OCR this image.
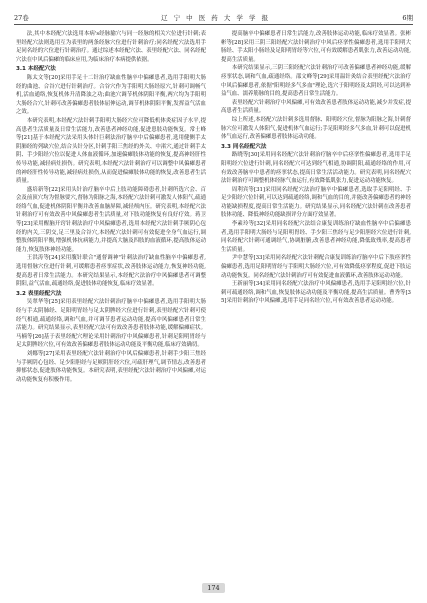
27卷	辽 宁 中 医 药 大 学 学 报	6期

法,其中本经配穴法选用本病's经脉腧穴与同一经脉的相关穴位进行针刺;表里经配穴法则选用互为表里的两条经脉穴位进行针刺治疗;同名经配穴法选用手足同名经的穴位进行针刺治疗。通过综述本经配穴法、表里经配穴法、同名经配穴法在中风后偏瘫的临床应用,为临床治疗本病提供依据。

3.1 本经配穴法

陈太文等[20]采用手足十二针治疗缺血性脑卒中偏瘫患者,选用手阳明大肠经的曲池、合谷穴进行针刺治疗。合谷穴作为手阳明大肠经原穴,针刺可调畅气机,活血通络,恢复机体升清降浊之功;曲池穴调节机体阴阳平衡,两穴均为手阳明大肠经合穴,针刺可改善偏瘫患者肢体屈伸运动,调节机体阴阳平衡,发挥益气活血之效。

本研究表明,本经配穴法针刺手阳明大肠经穴位可降低机体炎症因子水平,提高患者生活质量及日常生活能力,改善患者神经功能,促进患肢功能恢复。常士峰等[21]基于本经配穴法采用头体针巨刺法治疗脑卒中后偏瘫患者,选用健侧手太阴肺经的列缺穴位,结合头针分区,针刺手阳三焦经的外关、中渚穴,通过针刺手太阴、手少阳经穴位以促进人体血液循环,加速偏瘫肢体功能的恢复,提高神经肝性传导功能,减轻病灶损伤。研究表明,本经配穴法针刺治疗可以调整中风偏瘫患者的神经肝性传导功能,减轻病灶损伤,从而促进偏瘫肢体功能的恢复,改善患者生活质量。

盛培新等[22]采用头针治疗脑卒中后上肢功能障碍患者,针刺所选穴会、百会及前顶穴均为督脉要穴,督脉为阳脉之海,本经配穴法针刺可激发人体阳气,疏通经络气血,促进机体阴阳平衡并改善血脑屏障,减轻颅内压。研究表明,本经配穴法针刺治疗可有效改善中风偏瘫患者生活质量,对下肢功能恢复有良好疗效。蒋卫等[23]采用醒脑开窍针刺法治疗中风偏瘫患者,选用本经配穴法针刺手厥阴心包经的内关,三阴交,足三里及合谷穴,本经配穴法针刺可有效促进全身气血运行,调整肢体阴阳平衡,增强机体抗病能力,并提高大脑及四肢的血液循环,提高肢体运动能力,恢复肢体神经功能。

王洪涛等[24]采用腹针联合"通督调神"针刺法治疗缺血性脑卒中偏瘫患者,选用督脉穴位进行针刺,可缓解患者痉挛症状,改善肢体运动能力,恢复神经功能,提高患者日常生活能力。本研究结果显示,本经配穴法治疗中风偏瘫患者可调整阴阳,益气活血,疏通经络,促进肢体功能恢复,临床疗效显著。

3.2 表里经配穴法

吴翠华等[25]采用表里经配穴法针刺治疗脑卒中偏瘫患者,选用手阳明大肠经与手太阴肺经、足阳明胃经与足太阴脾经穴位进行针刺,表里经配穴针刺可使经气相通,疏通经络,调和气血,并可调节患者运动功能,提高中风偏瘫患者日常生活能力。研究结果显示,表里经配穴法可有效改善患者肢体功能,缓解偏瘫症状。马楠等[26]基于表里经配穴理论采用针刺治疗中风偏瘫患者,针刺足阳明胃经与足太阴脾经穴位,可有效改善偏瘫患者肢体运动功能及平衡功能,临床疗效确切。

刘娜等[27]采用表里经配穴法针刺治疗中风后偏瘫患者,针刺手少阳三焦经与手厥阴心包经、足少阳胆经与足厥阴肝经穴位,可疏肝理气,调节情志,改善患者抑郁状态,促进肢体功能恢复。本研究表明,表里经配穴法针刺治疗中风偏瘫,对运动功能恢复有积极作用。

提高脑卒中偏瘫患者日常生活能力,改善肢体运动功能,临床疗效显著。张彬彬等[28]采用三阴三阳经配穴法针刺治疗中风后痉挛性偏瘫患者,选用手阳明大肠经、手太阳小肠经及足阳明胃经等穴位,可有效缓解患者肌张力,改善运动功能,提高生活质量。

本研究结果显示,三阴三阳经配穴法针刺治疗可改善偏瘫患者神经功能,缓解痉挛状态,调和气血,疏通经络。邵文峰等[29]采用温针灸结合表里经配穴法治疗中风后偏瘫患者,依据"阳明经多气多血"理论,选穴于阳明经及太阴经,可以达到补益气血、濡养筋脉的目的,提高患者日常生活能力。

表里经配穴针刺治疗中风偏瘫,可有效改善患者肢体运动功能,减少并发症,提高患者生活质量。

综上所述,本经配穴法针刺多选用督脉、阳明经穴位,督脉为阳脉之海,针刺督脉穴位可激发人体阳气,促进机体气血运行;手足阳明经多气多血,针刺可以促进机体气血运行,改善偏瘫患者肢体运动功能。

3.3 同名经配穴法

路晓等[30]采用同名经配穴法针刺治疗脑卒中后痉挛性偏瘫患者,选用手足阳明经穴位进行针刺,同名经配穴可达到经气相通,协调阴阳,疏通经络的作用,可有效改善脑卒中患者的痉挛状态,提高日常生活活动能力。研究表明,同名经配穴法针刺治疗可调整机体经脉气血运行,有效降低肌张力,促进运动功能恢复。

周利宾等[31]采用同名经配穴法治疗脑卒中偏瘫患者,选取手足阳明经、手足少阳经穴位针刺,可以达到疏通经络,调和气血的目的,并能改善偏瘫患者的神经功能缺损程度,提高日常生活能力。研究结果显示,同名经配穴法针刺在改善患者肢体功能、降低神经功能缺损评分方面疗效显著。

李素玲等[32]采用同名经配穴法结合康复训练治疗缺血性脑卒中后偏瘫患者,选用手阳明大肠经与足阳明胃经、手少阳三焦经与足少阳胆经穴位进行针刺,同名经配穴针刺可通调经气,协调脏腑,改善患者神经功能,降低致残率,提高患者生活质量。

尹中慧等[33]采用同名经配穴法针刺配合康复训练治疗脑卒中后下肢痉挛性偏瘫患者,选用足阳明胃经与手阳明大肠经穴位,可有效降低痉挛程度,促进下肢运动功能恢复。同名经配穴法针刺治疗可有效促进血液循环,改善肢体运动功能。

王新丽等[34]采用同名经配穴法治疗中风偏瘫患者,选用手足阳明经穴位,针刺可疏通经络,调和气血,恢复肢体运动功能及平衡功能,提高生活质量。曹秀等[35]采用针刺治疗中风偏瘫,选用手足同名经穴位,可有效改善患者运动功能。

174
